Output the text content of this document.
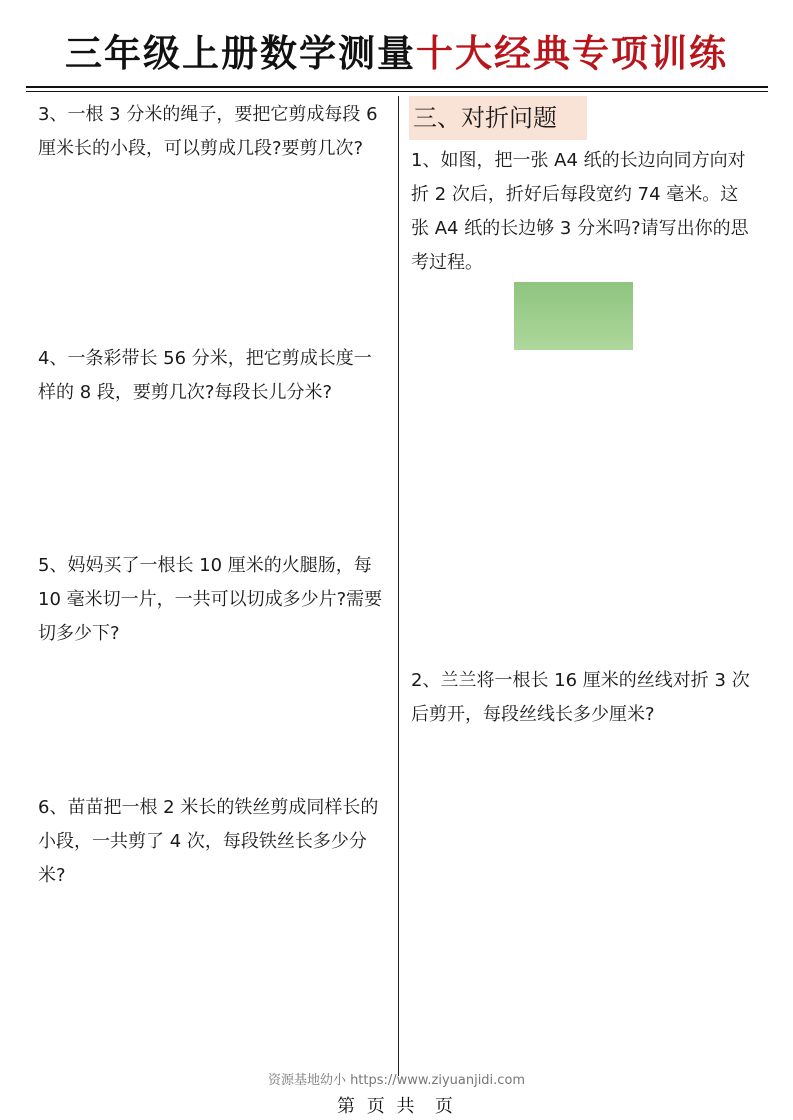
三年级上册数学测量十大经典专项训练
3、一根 3 分米的绳子，要把它剪成每段 6 厘米长的小段，可以剪成几段?要剪几次?
4、一条彩带长 56 分米，把它剪成长度一样的 8 段，要剪几次?每段长儿分米?
5、妈妈买了一根长 10 厘米的火腿肠，每 10 毫米切一片，一共可以切成多少片?需要切多少下?
6、苗苗把一根 2 米长的铁丝剪成同样长的小段，一共剪了 4 次，每段铁丝长多少分米?
三、对折问题
1、如图，把一张 A4 纸的长边向同方向对折 2 次后，折好后每段宽约 74 毫米。这张 A4 纸的长边够 3 分米吗?请写出你的思考过程。
2、兰兰将一根长 16 厘米的丝线对折 3 次后剪开，每段丝线长多少厘米?
资源基地幼小 https://www.ziyuanjidi.com
第 页 共  页
